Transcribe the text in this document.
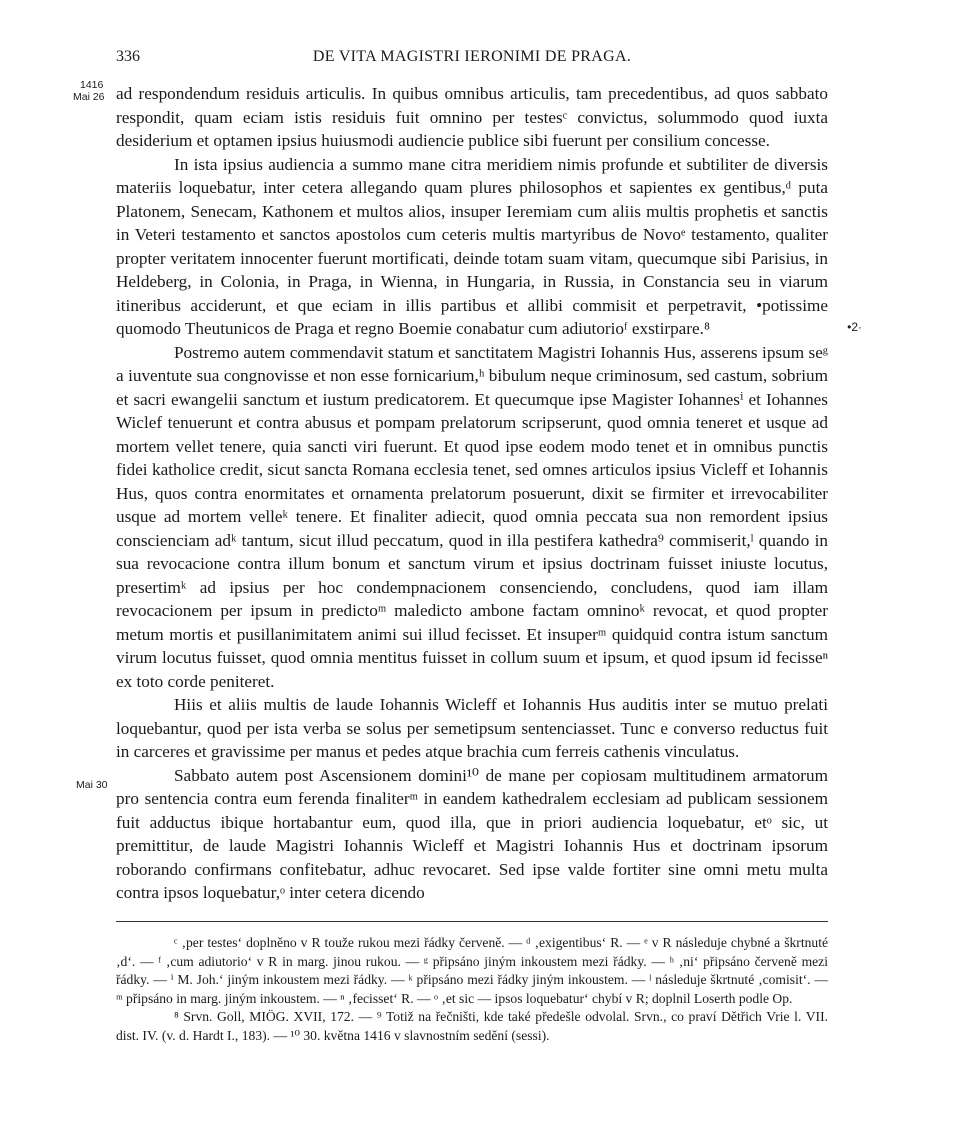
336	DE VITA MAGISTRI IERONIMI DE PRAGA.
1416
Mai 26
Mai 30
•2·

ad respondendum residuis articulis. In quibus omnibus articulis, tam precedentibus, ad quos sabbato respondit, quam eciam istis residuis fuit omnino per testesᶜ convictus, solummodo quod iuxta desiderium et optamen ipsius huiusmodi audiencie publice sibi fuerunt per consilium concesse.

In ista ipsius audiencia a summo mane citra meridiem nimis profunde et subtiliter de diversis materiis loquebatur, inter cetera allegando quam plures philosophos et sapientes ex gentibus,ᵈ puta Platonem, Senecam, Kathonem et multos alios, insuper Ieremiam cum aliis multis prophetis et sanctis in Veteri testamento et sanctos apostolos cum ceteris multis martyribus de Novoᵉ testamento, qualiter propter veritatem innocenter fuerunt mortificati, deinde totam suam vitam, quecumque sibi Parisius, in Heldeberg, in Colonia, in Praga, in Wienna, in Hungaria, in Russia, in Constancia seu in viarum itineribus acciderunt, et que eciam in illis partibus et allibi commisit et perpetravit, •potissime quomodo Theutunicos de Praga et regno Boemie conabatur cum adiutorioᶠ exstirpare.⁸

Postremo autem commendavit statum et sanctitatem Magistri Iohannis Hus, asserens ipsum seᵍ a iuventute sua congnovisse et non esse fornicarium,ʰ bibulum neque criminosum, sed castum, sobrium et sacri ewangelii sanctum et iustum predicatorem. Et quecumque ipse Magister Iohannesⁱ et Iohannes Wiclef tenuerunt et contra abusus et pompam prelatorum scripserunt, quod omnia teneret et usque ad mortem vellet tenere, quia sancti viri fuerunt. Et quod ipse eodem modo tenet et in omnibus punctis fidei katholice credit, sicut sancta Romana ecclesia tenet, sed omnes articulos ipsius Vicleff et Iohannis Hus, quos contra enormitates et ornamenta prelatorum posuerunt, dixit se firmiter et irrevocabiliter usque ad mortem velleᵏ tenere. Et finaliter adiecit, quod omnia peccata sua non remordent ipsius conscienciam adᵏ tantum, sicut illud peccatum, quod in illa pestifera kathedra⁹ commiserit,ˡ quando in sua revocacione contra illum bonum et sanctum virum et ipsius doctrinam fuisset iniuste locutus, presertimᵏ ad ipsius per hoc condempnacionem consenciendo, concludens, quod iam illam revocacionem per ipsum in predictoᵐ maledicto ambone factam omninoᵏ revocat, et quod propter metum mortis et pusillanimitatem animi sui illud fecisset. Et insuperᵐ quidquid contra istum sanctum virum locutus fuisset, quod omnia mentitus fuisset in collum suum et ipsum, et quod ipsum id fecisseⁿ ex toto corde peniteret.

Hiis et aliis multis de laude Iohannis Wicleff et Iohannis Hus auditis inter se mutuo prelati loquebantur, quod per ista verba se solus per semetipsum sentenciasset. Tunc e converso reductus fuit in carceres et gravissime per manus et pedes atque brachia cum ferreis cathenis vinculatus.

Sabbato autem post Ascensionem domini¹⁰ de mane per copiosam multitudinem armatorum pro sentencia contra eum ferenda finaliterᵐ in eandem kathedralem ecclesiam ad publicam sessionem fuit adductus ibique hortabantur eum, quod illa, que in priori audiencia loquebatur, etᵒ sic, ut premittitur, de laude Magistri Iohannis Wicleff et Magistri Iohannis Hus et doctrinam ipsorum roborando confirmans confitebatur, adhuc revocaret. Sed ipse valde fortiter sine omni metu multa contra ipsos loquebatur,ᵒ inter cetera dicendo

ᶜ ‚per testes‘ doplněno v R touže rukou mezi řádky červeně. — ᵈ ‚exigentibus‘ R. — ᵉ v R následuje chybné a škrtnuté ‚d‘. — ᶠ ‚cum adiutorio‘ v R in marg. jinou rukou. — ᵍ připsáno jiným inkoustem mezi řádky. — ʰ ‚ni‘ připsáno červeně mezi řádky. — ⁱ M. Joh.‘ jiným inkoustem mezi řádky. — ᵏ připsáno mezi řádky jiným inkoustem. — ˡ následuje škrtnuté ‚comisit‘. — ᵐ připsáno in marg. jiným inkoustem. — ⁿ ‚fecisset‘ R. — ᵒ ‚et sic — ipsos loquebatur‘ chybí v R; doplnil Loserth podle Op.

⁸ Srvn. Goll, MIÖG. XVII, 172. — ⁹ Totiž na řečništi, kde také předešle odvolal. Srvn., co praví Dětřich Vrie l. VII. dist. IV. (v. d. Hardt I., 183). — ¹⁰ 30. května 1416 v slavnostním sedění (sessi).
